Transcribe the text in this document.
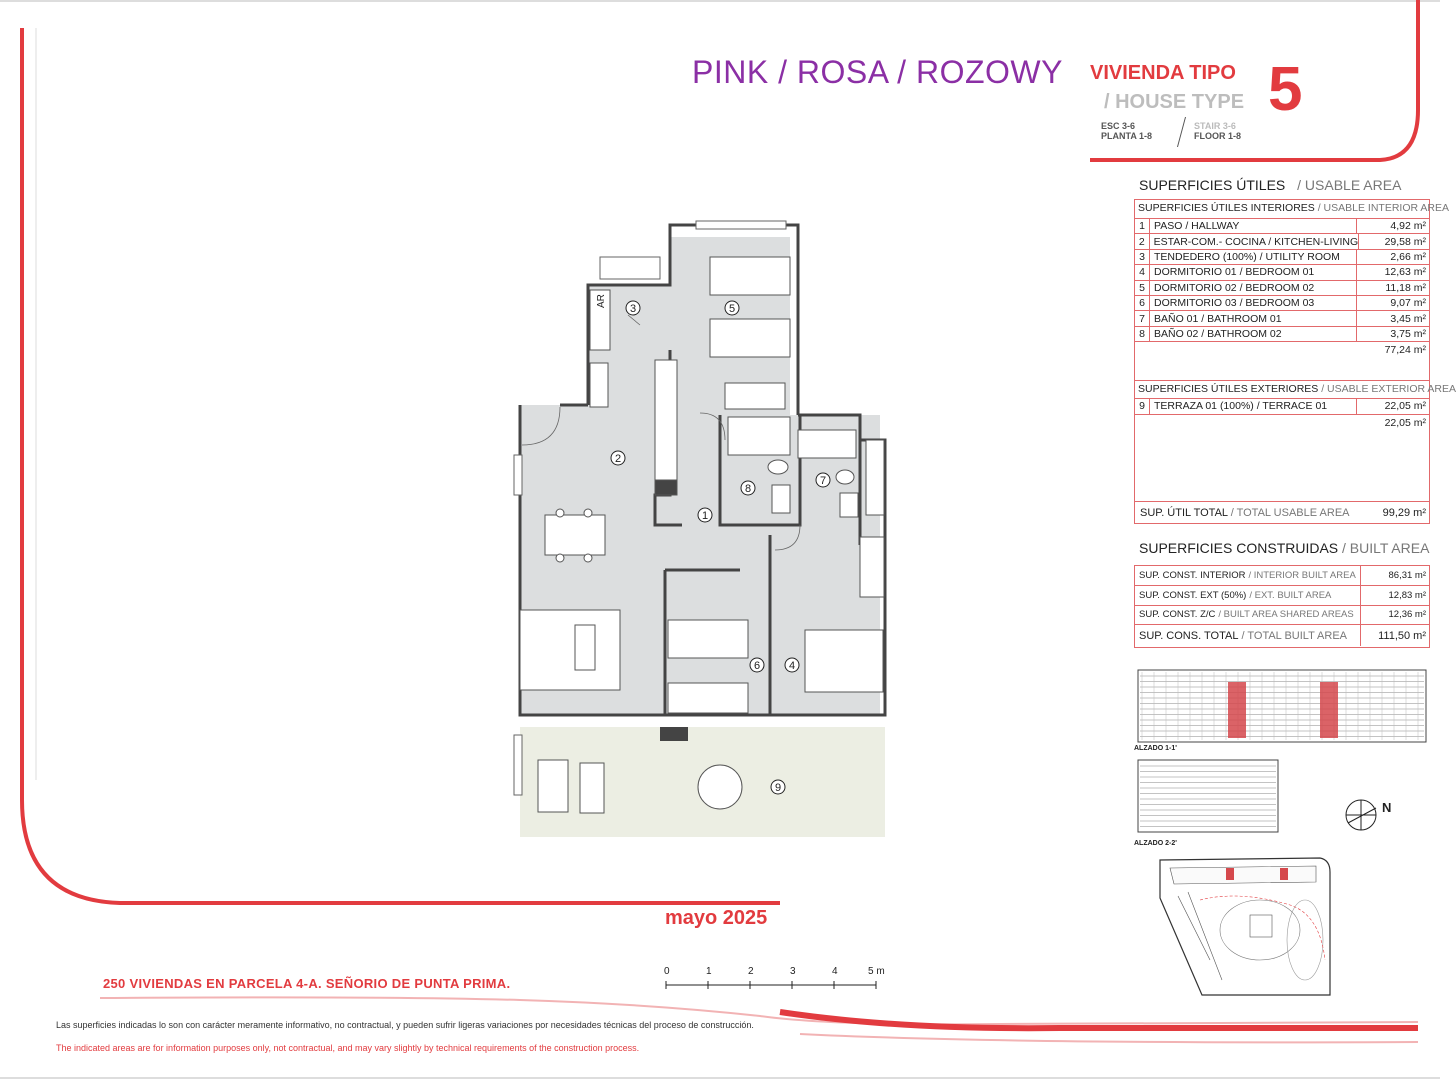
PINK / ROSA / ROZOWY VIVIENDA TIPO
/ HOUSE TYPE 5
ESC 3-6
PLANTA 1-8
STAIR 3-6
FLOOR 1-8
SUPERFICIES ÚTILES / USABLE AREA
SUPERFICIES ÚTILES INTERIORES / USABLE INTERIOR AREA
1 PASO / HALLWAY	4,92 m²
2 ESTAR-COM.- COCINA / KITCHEN-LIVING	29,58 m²
3 TENDEDERO (100%) / UTILITY ROOM	2,66 m²
4 DORMITORIO 01 / BEDROOM 01	12,63 m²
5 DORMITORIO 02 / BEDROOM 02	11,18 m²
6 DORMITORIO 03 / BEDROOM 03	9,07 m²
7 BAÑO 01 / BATHROOM 01	3,45 m²
8 BAÑO 02 / BATHROOM 02	3,75 m²
77,24 m²
SUPERFICIES ÚTILES EXTERIORES / USABLE EXTERIOR AREA
9 TERRAZA 01 (100%) / TERRACE 01	22,05 m²
22,05 m²
SUP. ÚTIL TOTAL / TOTAL USABLE AREA	99,29 m²
SUPERFICIES CONSTRUIDAS / BUILT AREA
SUP. CONST. INTERIOR / INTERIOR BUILT AREA	86,31 m²
SUP. CONST. EXT (50%) / EXT. BUILT AREA	12,83 m²
SUP. CONST. Z/C / BUILT AREA SHARED AREAS	12,36 m²
SUP. CONS. TOTAL / TOTAL BUILT AREA	111,50 m²
ALZADO 1-1'
ALZADO 2-2'
N
AR
1
2
3
4
5
6
7
8
9
0	1	2	3	4	5 m
mayo 2025
250 VIVIENDAS EN PARCELA 4-A. SEÑORIO DE PUNTA PRIMA.
Las superficies indicadas lo son con carácter meramente informativo, no contractual, y pueden sufrir ligeras variaciones por necesidades técnicas del proceso de construcción.
The indicated areas are for information purposes only, not contractual, and may vary slightly by technical requirements of the construction process.
